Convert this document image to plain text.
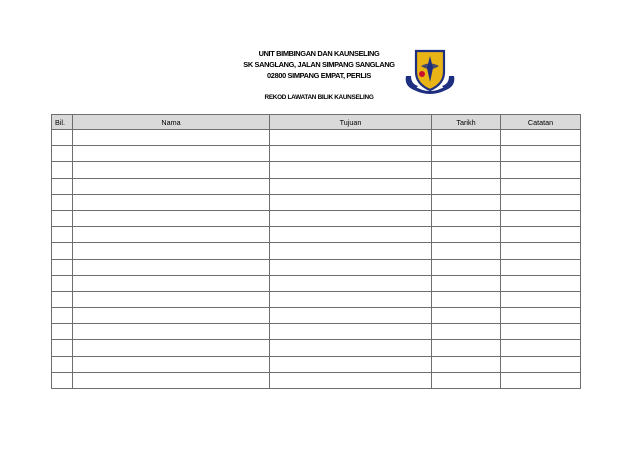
UNIT BIMBINGAN DAN KAUNSELING
SK SANGLANG, JALAN SIMPANG SANGLANG
02800 SIMPANG EMPAT, PERLIS
REKOD LAWATAN BILIK KAUNSELING
Bil.	Nama	Tujuan	Tarikh	Catatan
